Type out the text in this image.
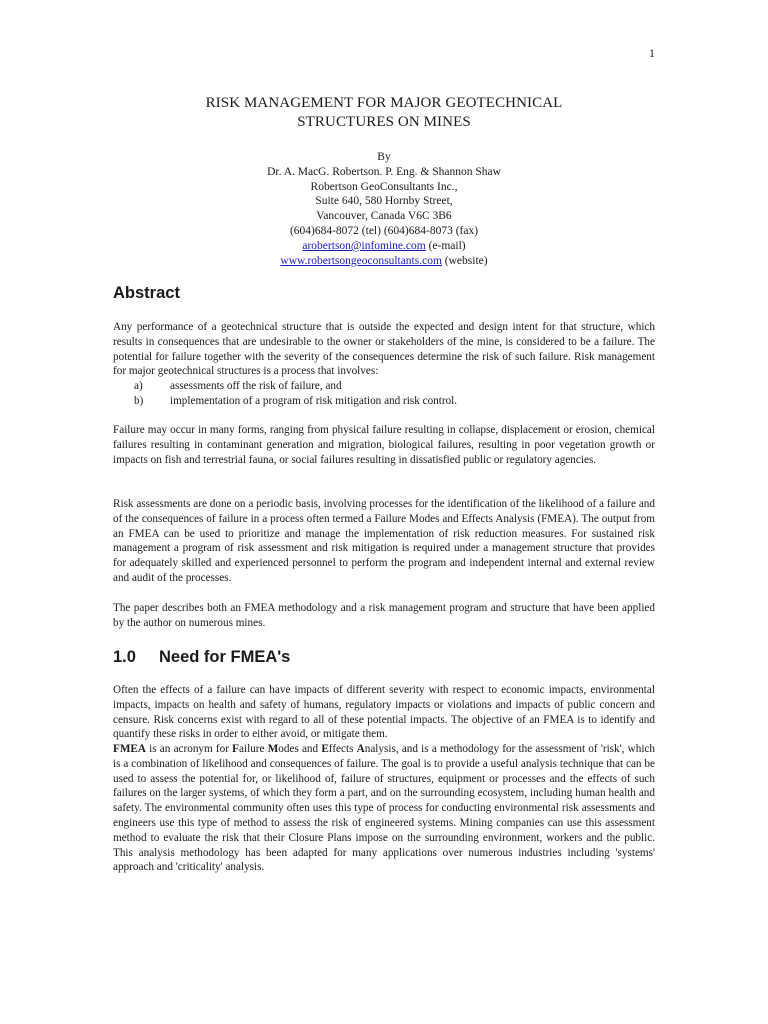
1
RISK MANAGEMENT FOR MAJOR GEOTECHNICAL
STRUCTURES ON MINES
By
Dr. A. MacG. Robertson. P. Eng. & Shannon Shaw
Robertson GeoConsultants Inc.,
Suite 640, 580 Hornby Street,
Vancouver, Canada V6C 3B6
(604)684-8072 (tel) (604)684-8073 (fax)
arobertson@infomine.com (e-mail)
www.robertsongeoconsultants.com (website)
Abstract

Any performance of a geotechnical structure that is outside the expected and design intent for that structure, which results in consequences that are undesirable to the owner or stakeholders of the mine, is considered to be a failure. The potential for failure together with the severity of the consequences determine the risk of such failure. Risk management for major geotechnical structures is a process that involves:

a)	assessments off the risk of failure, and
b)	implementation of a program of risk mitigation and risk control.

Failure may occur in many forms, ranging from physical failure resulting in collapse, displacement or erosion, chemical failures resulting in contaminant generation and migration, biological failures, resulting in poor vegetation growth or impacts on fish and terrestrial fauna, or social failures resulting in dissatisfied public or regulatory agencies.

Risk assessments are done on a periodic basis, involving processes for the identification of the likelihood of a failure and of the consequences of failure in a process often termed a Failure Modes and Effects Analysis (FMEA). The output from an FMEA can be used to prioritize and manage the implementation of risk reduction measures. For sustained risk management a program of risk assessment and risk mitigation is required under a management structure that provides for adequately skilled and experienced personnel to perform the program and independent internal and external review and audit of the processes.

The paper describes both an FMEA methodology and a risk management program and structure that have been applied by the author on numerous mines.

1.0 Need for FMEA's

Often the effects of a failure can have impacts of different severity with respect to economic impacts, environmental impacts, impacts on health and safety of humans, regulatory impacts or violations and impacts of public concern and censure. Risk concerns exist with regard to all of these potential impacts. The objective of an FMEA is to identify and quantify these risks in order to either avoid, or mitigate them.

FMEA is an acronym for Failure Modes and Effects Analysis, and is a methodology for the assessment of 'risk', which is a combination of likelihood and consequences of failure. The goal is to provide a useful analysis technique that can be used to assess the potential for, or likelihood of, failure of structures, equipment or processes and the effects of such failures on the larger systems, of which they form a part, and on the surrounding ecosystem, including human health and safety. The environmental community often uses this type of process for conducting environmental risk assessments and engineers use this type of method to assess the risk of engineered systems. Mining companies can use this assessment method to evaluate the risk that their Closure Plans impose on the surrounding environment, workers and the public. This analysis methodology has been adapted for many applications over numerous industries including 'systems' approach and 'criticality' analysis.
